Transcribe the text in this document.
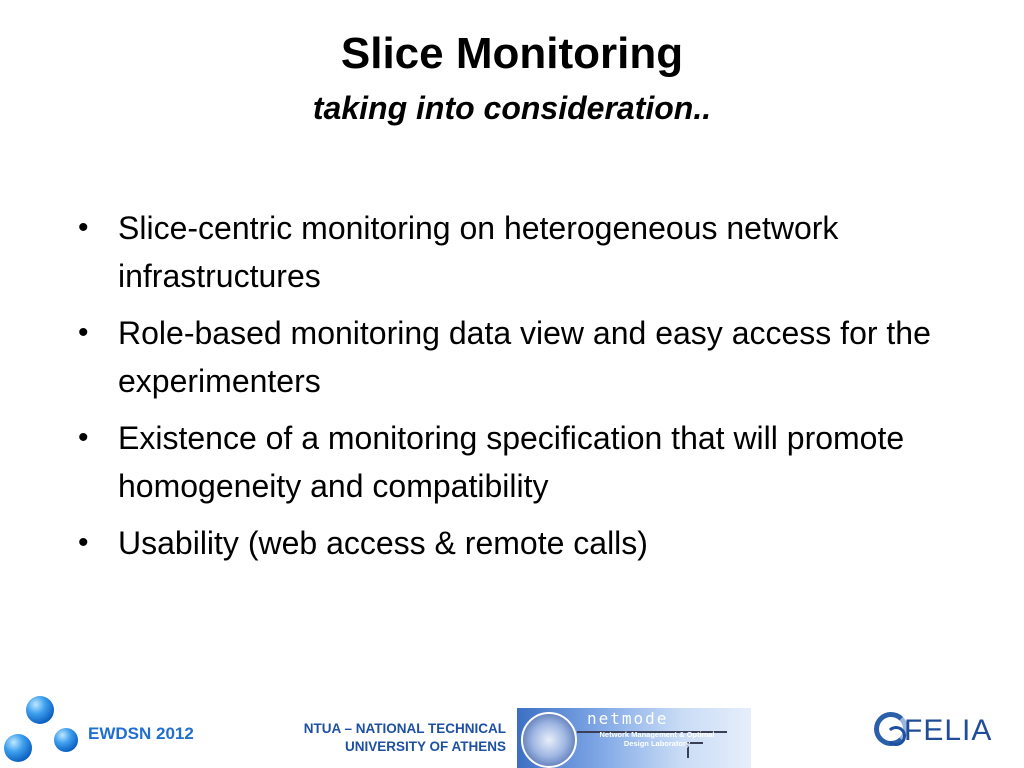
Slice Monitoring
taking into consideration..
• Slice-centric monitoring on heterogeneous network infrastructures
• Role-based monitoring data view and easy access for the experimenters
• Existence of a monitoring specification that will promote homogeneity and compatibility
• Usability (web access & remote calls)
EWDSN 2012	NTUA – NATIONAL TECHNICAL
UNIVERSITY OF ATHENS
netmode
Network Management & Optimal Design Laboratory	FELIA
